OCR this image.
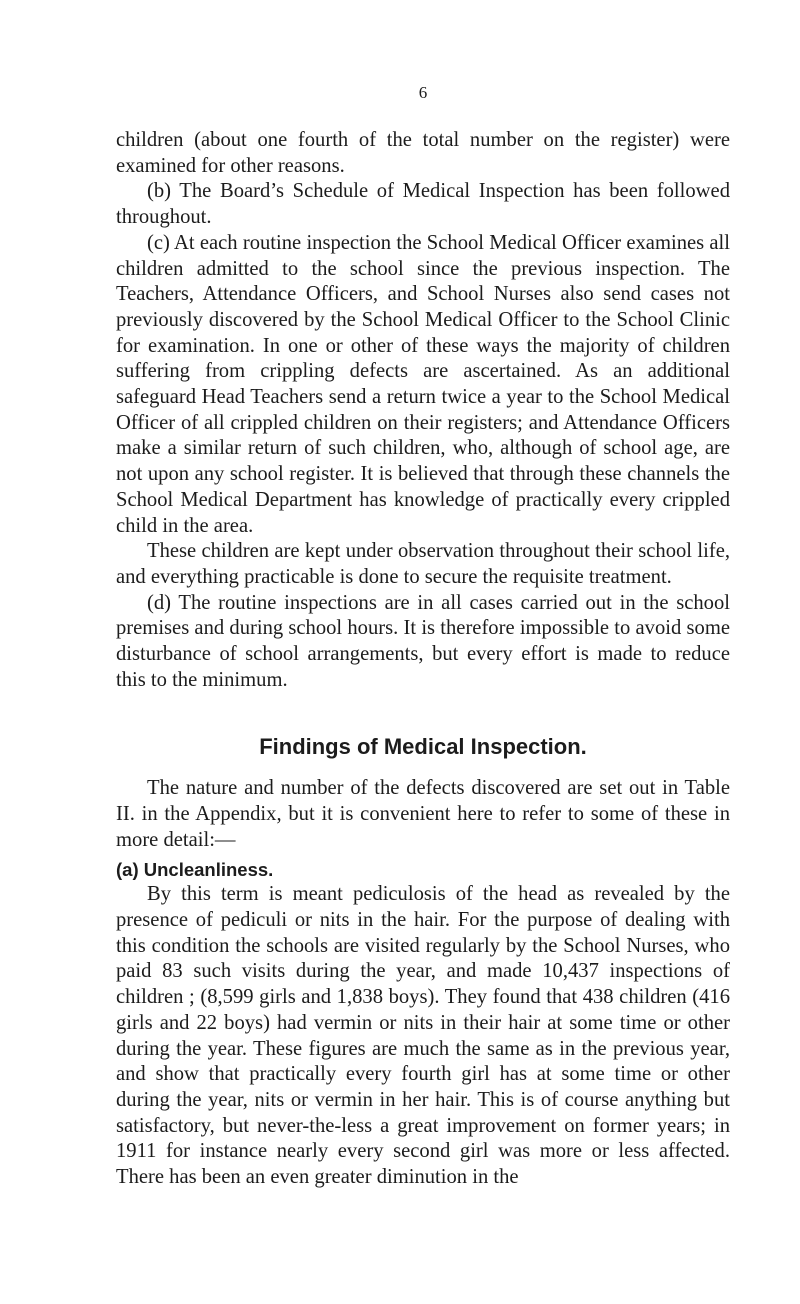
6

children (about one fourth of the total number on the register) were examined for other reasons.

(b) The Board’s Schedule of Medical Inspection has been followed throughout.

(c) At each routine inspection the School Medical Officer examines all children admitted to the school since the previous inspection. The Teachers, Attendance Officers, and School Nurses also send cases not previously discovered by the School Medical Officer to the School Clinic for examination. In one or other of these ways the majority of children suffering from crippling defects are ascertained. As an additional safeguard Head Teachers send a return twice a year to the School Medical Officer of all crippled children on their registers; and Attendance Officers make a similar return of such children, who, although of school age, are not upon any school register. It is believed that through these channels the School Medical Department has knowledge of practically every crippled child in the area.

These children are kept under observation throughout their school life, and everything practicable is done to secure the requisite treatment.

(d) The routine inspections are in all cases carried out in the school premises and during school hours. It is therefore impossible to avoid some disturbance of school arrangements, but every effort is made to reduce this to the minimum.

Findings of Medical Inspection.

The nature and number of the defects discovered are set out in Table II. in the Appendix, but it is convenient here to refer to some of these in more detail:—

(a) Uncleanliness.

By this term is meant pediculosis of the head as revealed by the presence of pediculi or nits in the hair. For the purpose of dealing with this condition the schools are visited regularly by the School Nurses, who paid 83 such visits during the year, and made 10,437 inspections of children ; (8,599 girls and 1,838 boys). They found that 438 children (416 girls and 22 boys) had vermin or nits in their hair at some time or other during the year. These figures are much the same as in the previous year, and show that practically every fourth girl has at some time or other during the year, nits or vermin in her hair. This is of course anything but satisfactory, but never-the-less a great improvement on former years; in 1911 for instance nearly every second girl was more or less affected. There has been an even greater diminution in the
